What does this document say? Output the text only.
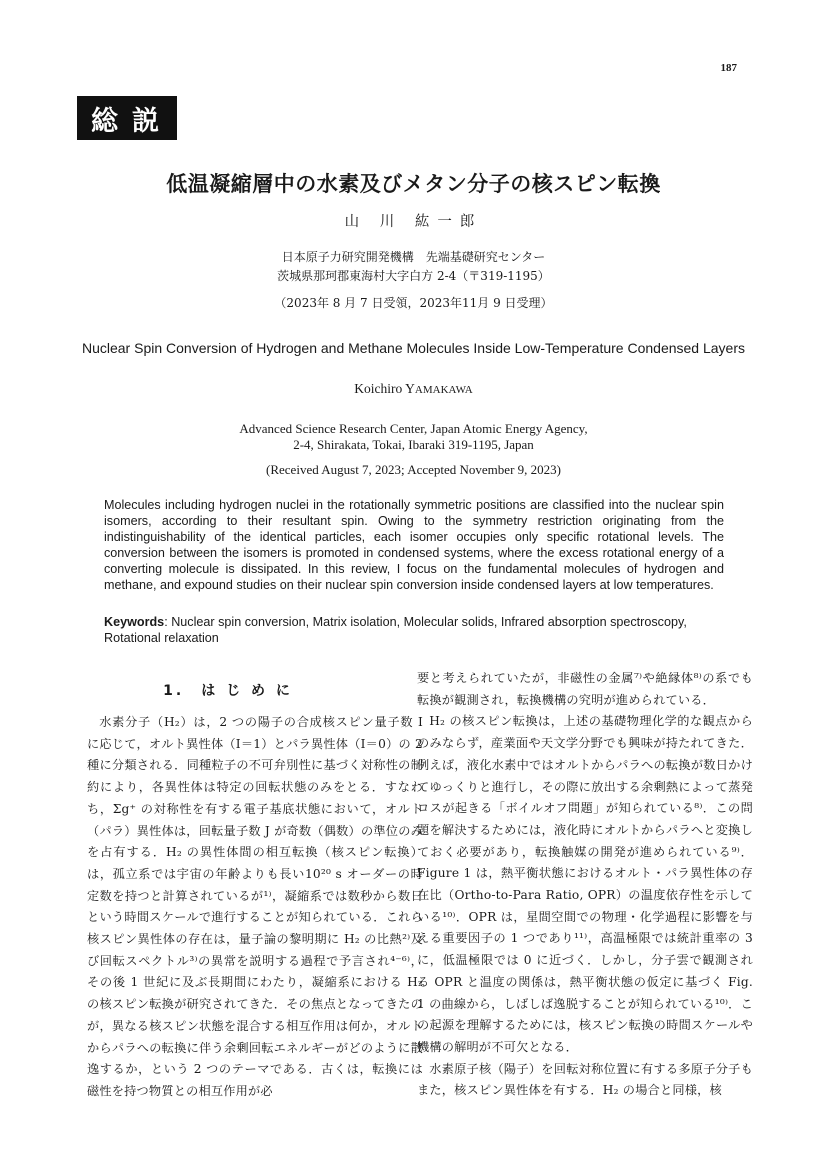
187
総説
低温凝縮層中の水素及びメタン分子の核スピン転換
山 川 紘一郎
日本原子力研究開発機構　先端基礎研究センター
茨城県那珂郡東海村大字白方 2-4（〒319-1195）
（2023年 8 月 7 日受領，2023年11月 9 日受理）
Nuclear Spin Conversion of Hydrogen and Methane Molecules Inside Low-Temperature Condensed Layers
Koichiro YAMAKAWA
Advanced Science Research Center, Japan Atomic Energy Agency,
2-4, Shirakata, Tokai, Ibaraki 319-1195, Japan
(Received August 7, 2023; Accepted November 9, 2023)
Molecules including hydrogen nuclei in the rotationally symmetric positions are classified into the nuclear spin isomers, according to their resultant spin. Owing to the symmetry restriction originating from the indistinguishability of the identical particles, each isomer occupies only specific rotational levels. The conversion between the isomers is promoted in condensed systems, where the excess rotational energy of a converting molecule is dissipated. In this review, I focus on the fundamental molecules of hydrogen and methane, and expound studies on their nuclear spin conversion inside condensed layers at low temperatures.
Keywords: Nuclear spin conversion, Matrix isolation, Molecular solids, Infrared absorption spectroscopy, Rotational relaxation
1.　は じ め に

水素分子（H₂）は，2 つの陽子の合成核スピン量子数 I に応じて，オルト異性体（I＝1）とパラ異性体（I＝0）の 2 種に分類される．同種粒子の不可弁別性に基づく対称性の制約により，各異性体は特定の回転状態のみをとる．すなわち，Σg⁺ の対称性を有する電子基底状態において，オルト（パラ）異性体は，回転量子数 J が奇数（偶数）の準位のみを占有する．H₂ の異性体間の相互転換（核スピン転換）は，孤立系では宇宙の年齢よりも長い10²⁰ s オーダーの時定数を持つと計算されているが¹⁾，凝縮系では数秒から数日という時間スケールで進行することが知られている．これら核スピン異性体の存在は，量子論の黎明期に H₂ の比熱²⁾及び回転スペクトル³⁾の異常を説明する過程で予言され⁴⁻⁶⁾，その後 1 世紀に及ぶ長期間にわたり，凝縮系における H₂ の核スピン転換が研究されてきた．その焦点となってきたのが，異なる核スピン状態を混合する相互作用は何か，オルトからパラへの転換に伴う余剰回転エネルギーがどのように散逸するか，という 2 つのテーマである．古くは，転換には磁性を持つ物質との相互作用が必

要と考えられていたが，非磁性の金属⁷⁾や絶縁体⁸⁾の系でも転換が観測され，転換機構の究明が進められている．

H₂ の核スピン転換は，上述の基礎物理化学的な観点からのみならず，産業面や天文学分野でも興味が持たれてきた．例えば，液化水素中ではオルトからパラへの転換が数日かけてゆっくりと進行し，その際に放出する余剰熱によって蒸発ロスが起きる「ボイルオフ問題」が知られている⁸⁾．この問題を解決するためには，液化時にオルトからパラへと変換しておく必要があり，転換触媒の開発が進められている⁹⁾．Figure 1 は，熱平衡状態におけるオルト・パラ異性体の存在比（Ortho-to-Para Ratio, OPR）の温度依存性を示している¹⁰⁾．OPR は，星間空間での物理・化学過程に影響を与える重要因子の 1 つであり¹¹⁾，高温極限では統計重率の 3 に，低温極限では 0 に近づく．しかし，分子雲で観測される OPR と温度の関係は，熱平衡状態の仮定に基づく Fig. 1 の曲線から，しばしば逸脱することが知られている¹⁰⁾．この起源を理解するためには，核スピン転換の時間スケールや機構の解明が不可欠となる．

水素原子核（陽子）を回転対称位置に有する多原子分子もまた，核スピン異性体を有する．H₂ の場合と同様，核
